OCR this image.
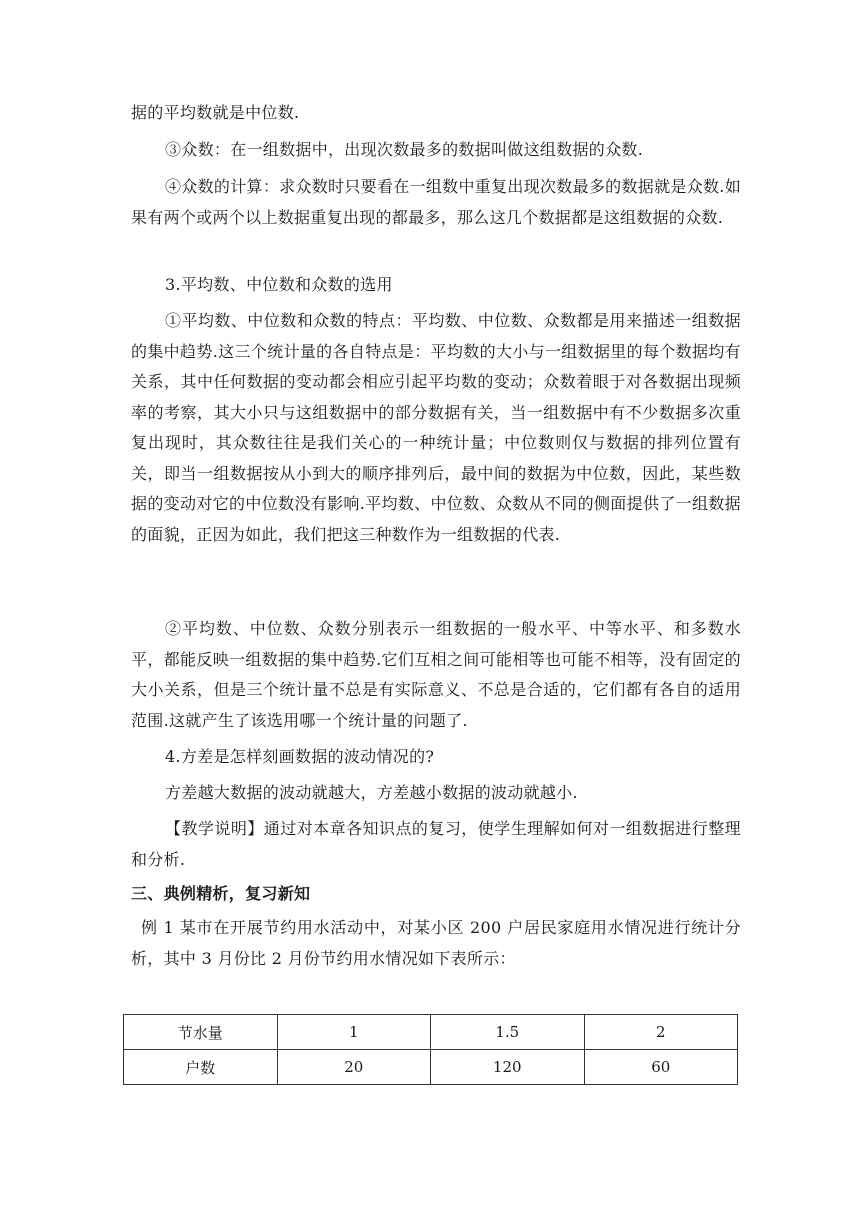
据的平均数就是中位数.

③众数：在一组数据中，出现次数最多的数据叫做这组数据的众数.

④众数的计算：求众数时只要看在一组数中重复出现次数最多的数据就是众数.如果有两个或两个以上数据重复出现的都最多，那么这几个数据都是这组数据的众数.

3.平均数、中位数和众数的选用

①平均数、中位数和众数的特点：平均数、中位数、众数都是用来描述一组数据的集中趋势.这三个统计量的各自特点是：平均数的大小与一组数据里的每个数据均有关系，其中任何数据的变动都会相应引起平均数的变动；众数着眼于对各数据出现频率的考察，其大小只与这组数据中的部分数据有关，当一组数据中有不少数据多次重复出现时，其众数往往是我们关心的一种统计量；中位数则仅与数据的排列位置有关，即当一组数据按从小到大的顺序排列后，最中间的数据为中位数，因此，某些数据的变动对它的中位数没有影响.平均数、中位数、众数从不同的侧面提供了一组数据的面貌，正因为如此，我们把这三种数作为一组数据的代表.

②平均数、中位数、众数分别表示一组数据的一般水平、中等水平、和多数水平，都能反映一组数据的集中趋势.它们互相之间可能相等也可能不相等，没有固定的大小关系，但是三个统计量不总是有实际意义、不总是合适的，它们都有各自的适用范围.这就产生了该选用哪一个统计量的问题了.

4.方差是怎样刻画数据的波动情况的?

方差越大数据的波动就越大，方差越小数据的波动就越小.

【教学说明】通过对本章各知识点的复习，使学生理解如何对一组数据进行整理和分析.

三、典例精析，复习新知

例 1 某市在开展节约用水活动中，对某小区 200 户居民家庭用水情况进行统计分析，其中 3 月份比 2 月份节约用水情况如下表所示：

节水量	1	1.5	2
户数	20	120	60
